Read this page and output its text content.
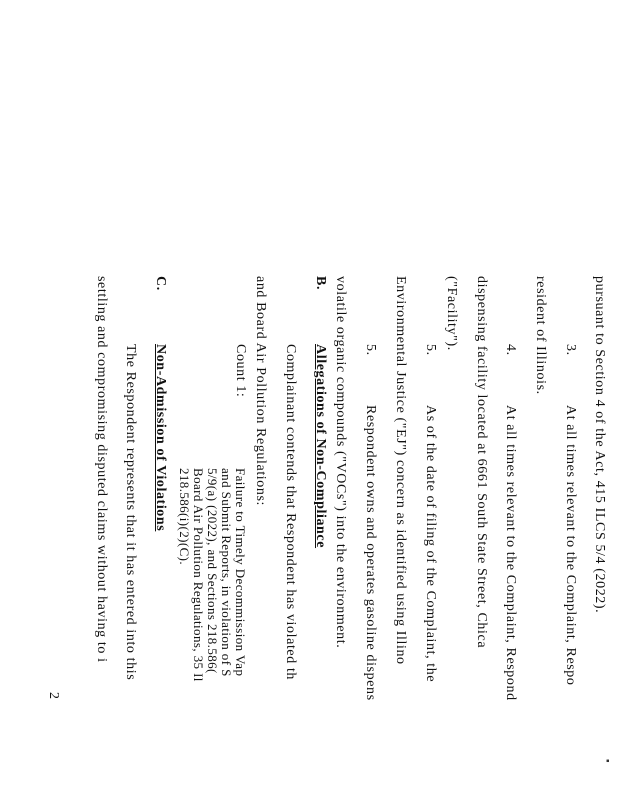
▪
pursuant to Section 4 of the Act, 415 ILCS 5/4 (2022).
3.
At all times relevant to the Complaint, Respo
resident of Illinois.
4.
At all times relevant to the Complaint, Respond
dispensing facility located at 6661 South State Street, Chica
("Facility").
5.
As of the date of filing of the Complaint, the
Environmental Justice ("EJ") concern as identified using Illino
5.
Respondent owns and operates gasoline dispens
volatile organic compounds ("VOCs") into the environment.
B.
Allegations of Non-Compliance
Complainant contends that Respondent has violated th
and Board Air Pollution Regulations:
Count 1:
Failure to Timely Decommission Vap
and Submit Reports, in violation of S
5/9(a) (2022), and Sections 218.586(
Board Air Pollution Regulations, 35 Il
218.586(i)(2)(C).
C.
Non-Admission of Violations
The Respondent represents that it has entered into this
settling and compromising disputed claims without having to i
2
